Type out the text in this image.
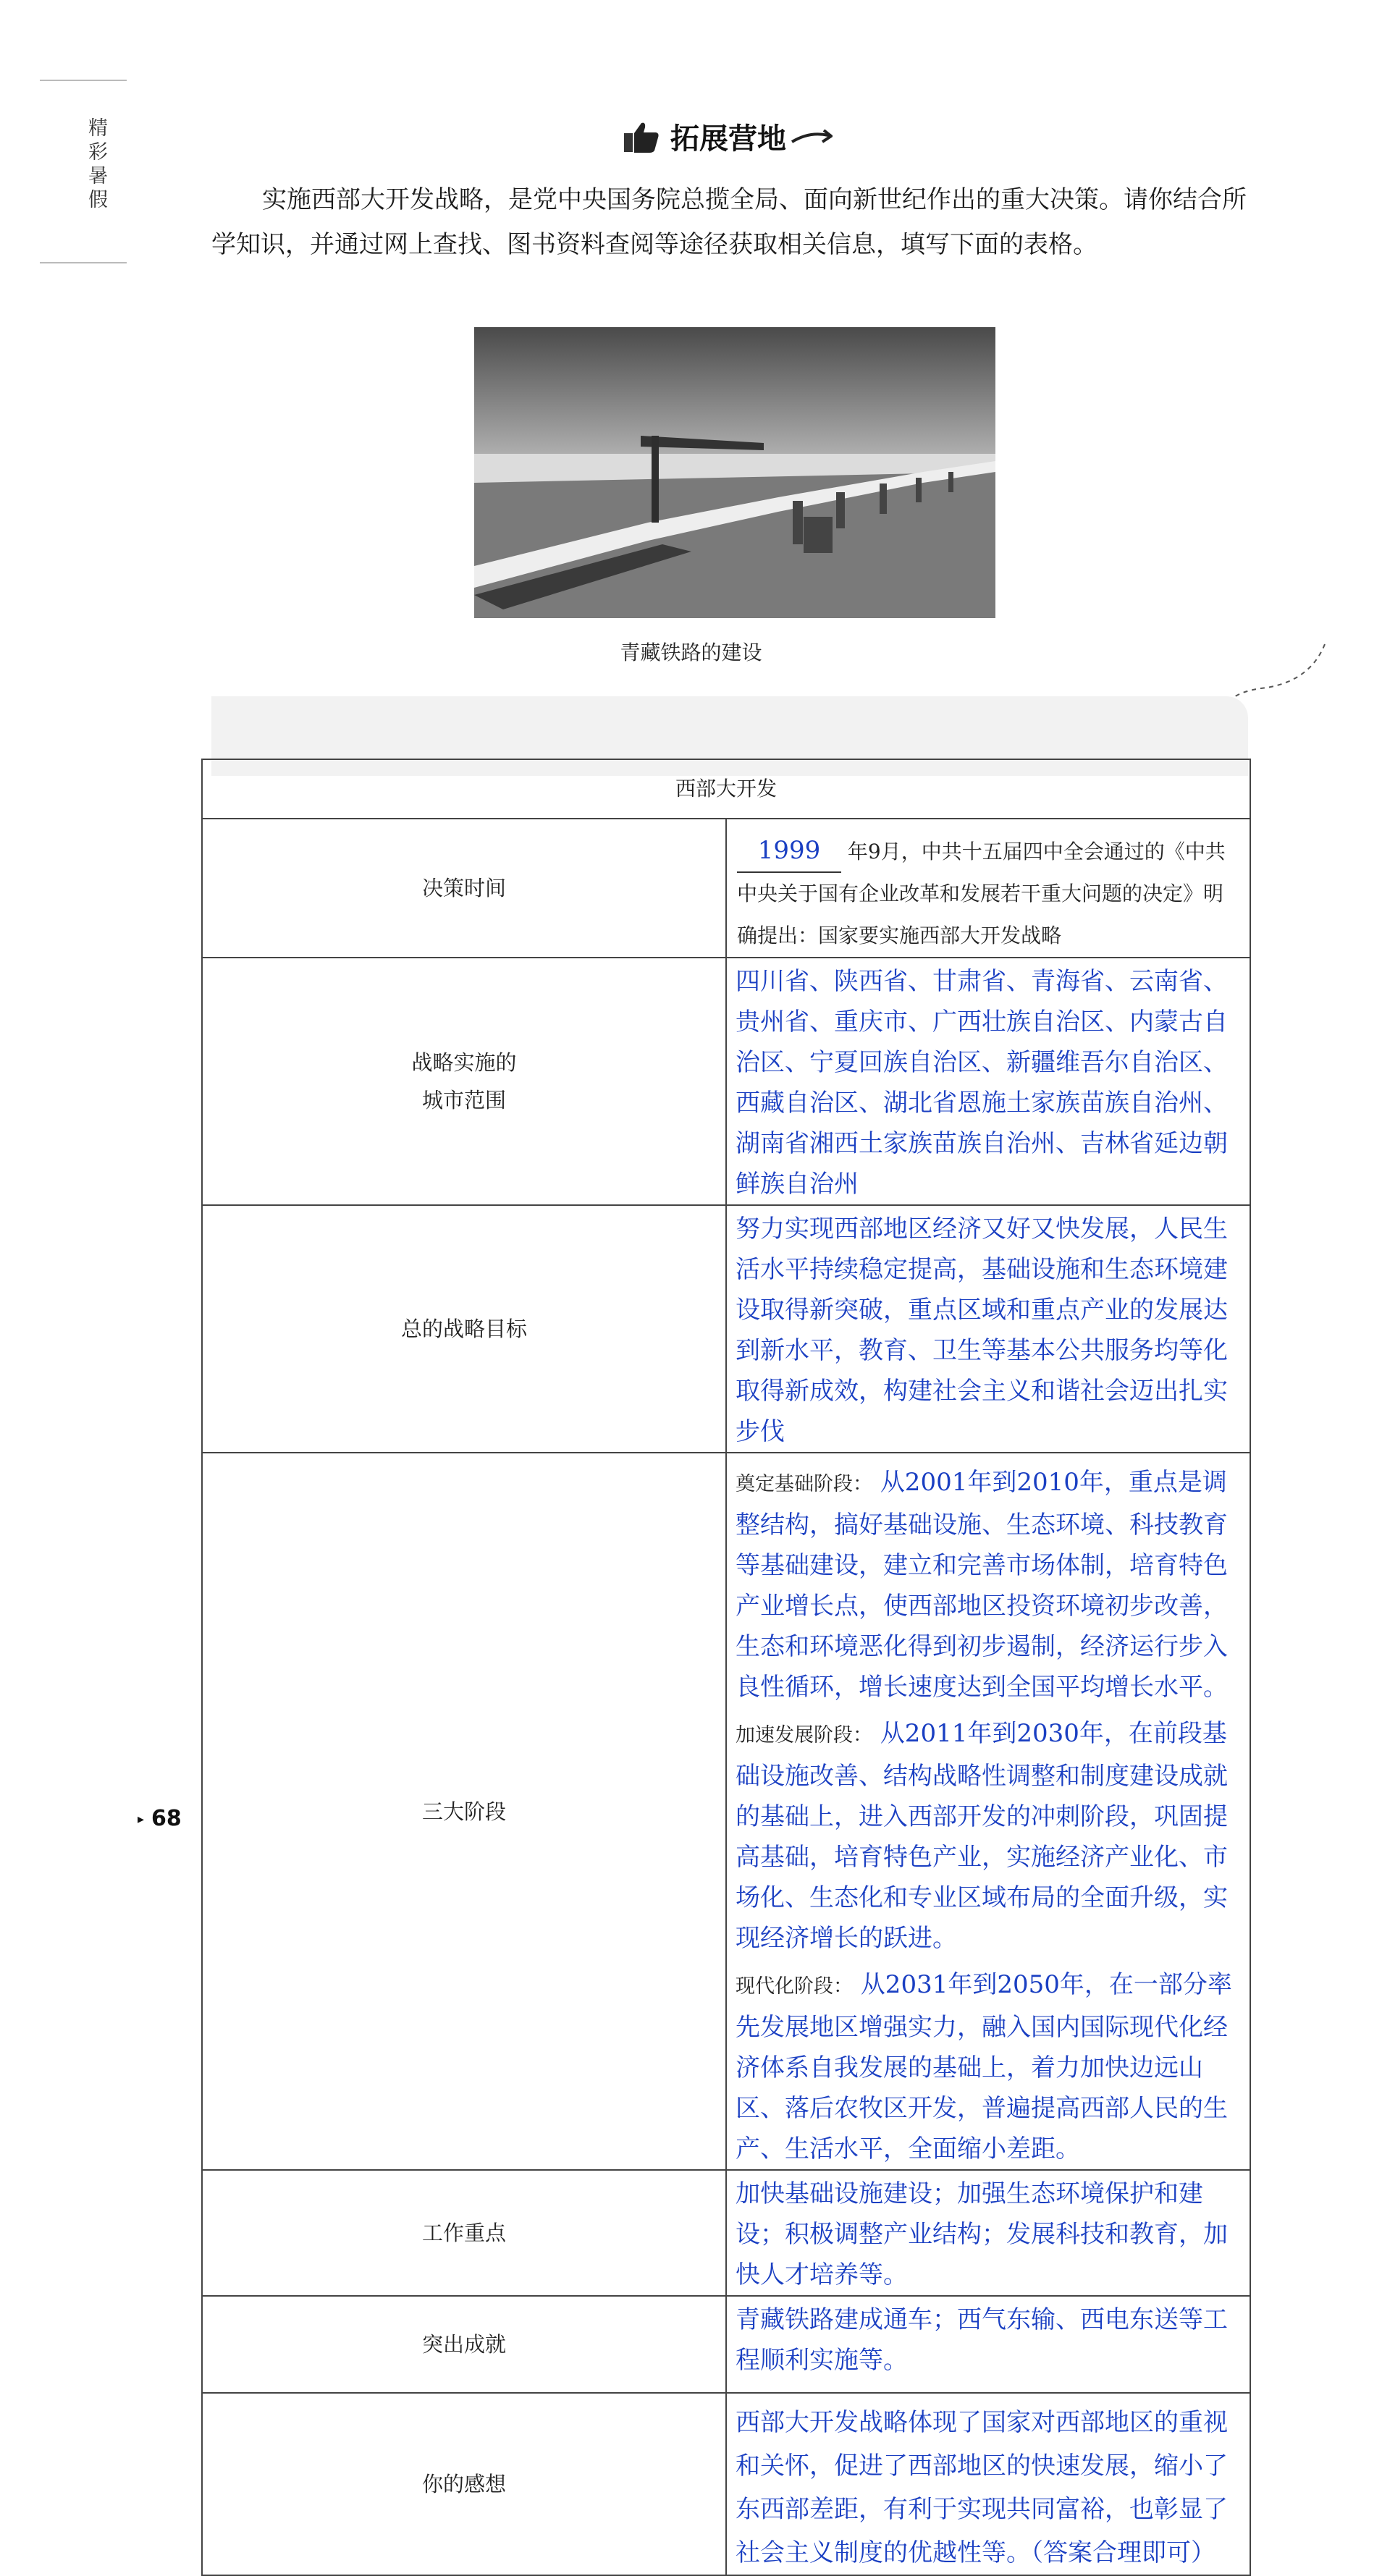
精彩暑假	拓展营地
实施西部大开发战略，是党中央国务院总揽全局、面向新世纪作出的重大决策。请你结合所学知识，并通过网上查找、图书资料查阅等途径获取相关信息，填写下面的表格。
青藏铁路的建设
西部大开发	
决策时间	1999 年9月，中共十五届四中全会通过的《中共中央关于国有企业改革和发展若干重大问题的决定》明确提出：国家要实施西部大开发战略

战略实施的
城市范围	四川省、陕西省、甘肃省、青海省、云南省、贵州省、重庆市、广西壮族自治区、内蒙古自治区、宁夏回族自治区、新疆维吾尔自治区、西藏自治区、湖北省恩施土家族苗族自治州、湖南省湘西土家族苗族自治州、吉林省延边朝鲜族自治州

总的战略目标	努力实现西部地区经济又好又快发展，人民生活水平持续稳定提高，基础设施和生态环境建设取得新突破，重点区域和重点产业的发展达到新水平，教育、卫生等基本公共服务均等化取得新成效，构建社会主义和谐社会迈出扎实步伐

三大阶段	奠定基础阶段： 从2001年到2010年，重点是调整结构，搞好基础设施、生态环境、科技教育等基础建设，建立和完善市场体制，培育特色产业增长点，使西部地区投资环境初步改善，生态和环境恶化得到初步遏制，经济运行步入良性循环，增长速度达到全国平均增长水平。
加速发展阶段： 从2011年到2030年，在前段基础设施改善、结构战略性调整和制度建设成就的基础上，进入西部开发的冲刺阶段，巩固提高基础，培育特色产业，实施经济产业化、市场化、生态化和专业区域布局的全面升级，实现经济增长的跃进。
现代化阶段： 从2031年到2050年，在一部分率先发展地区增强实力，融入国内国际现代化经济体系自我发展的基础上，着力加快边远山区、落后农牧区开发，普遍提高西部人民的生产、生活水平，全面缩小差距。

工作重点	加快基础设施建设；加强生态环境保护和建设；积极调整产业结构；发展科技和教育，加快人才培养等。

突出成就	青藏铁路建成通车；西气东输、西电东送等工程顺利实施等。

你的感想	西部大开发战略体现了国家对西部地区的重视和关怀，促进了西部地区的快速发展，缩小了东西部差距，有利于实现共同富裕，也彰显了社会主义制度的优越性等。（答案合理即可）
▸ 68
